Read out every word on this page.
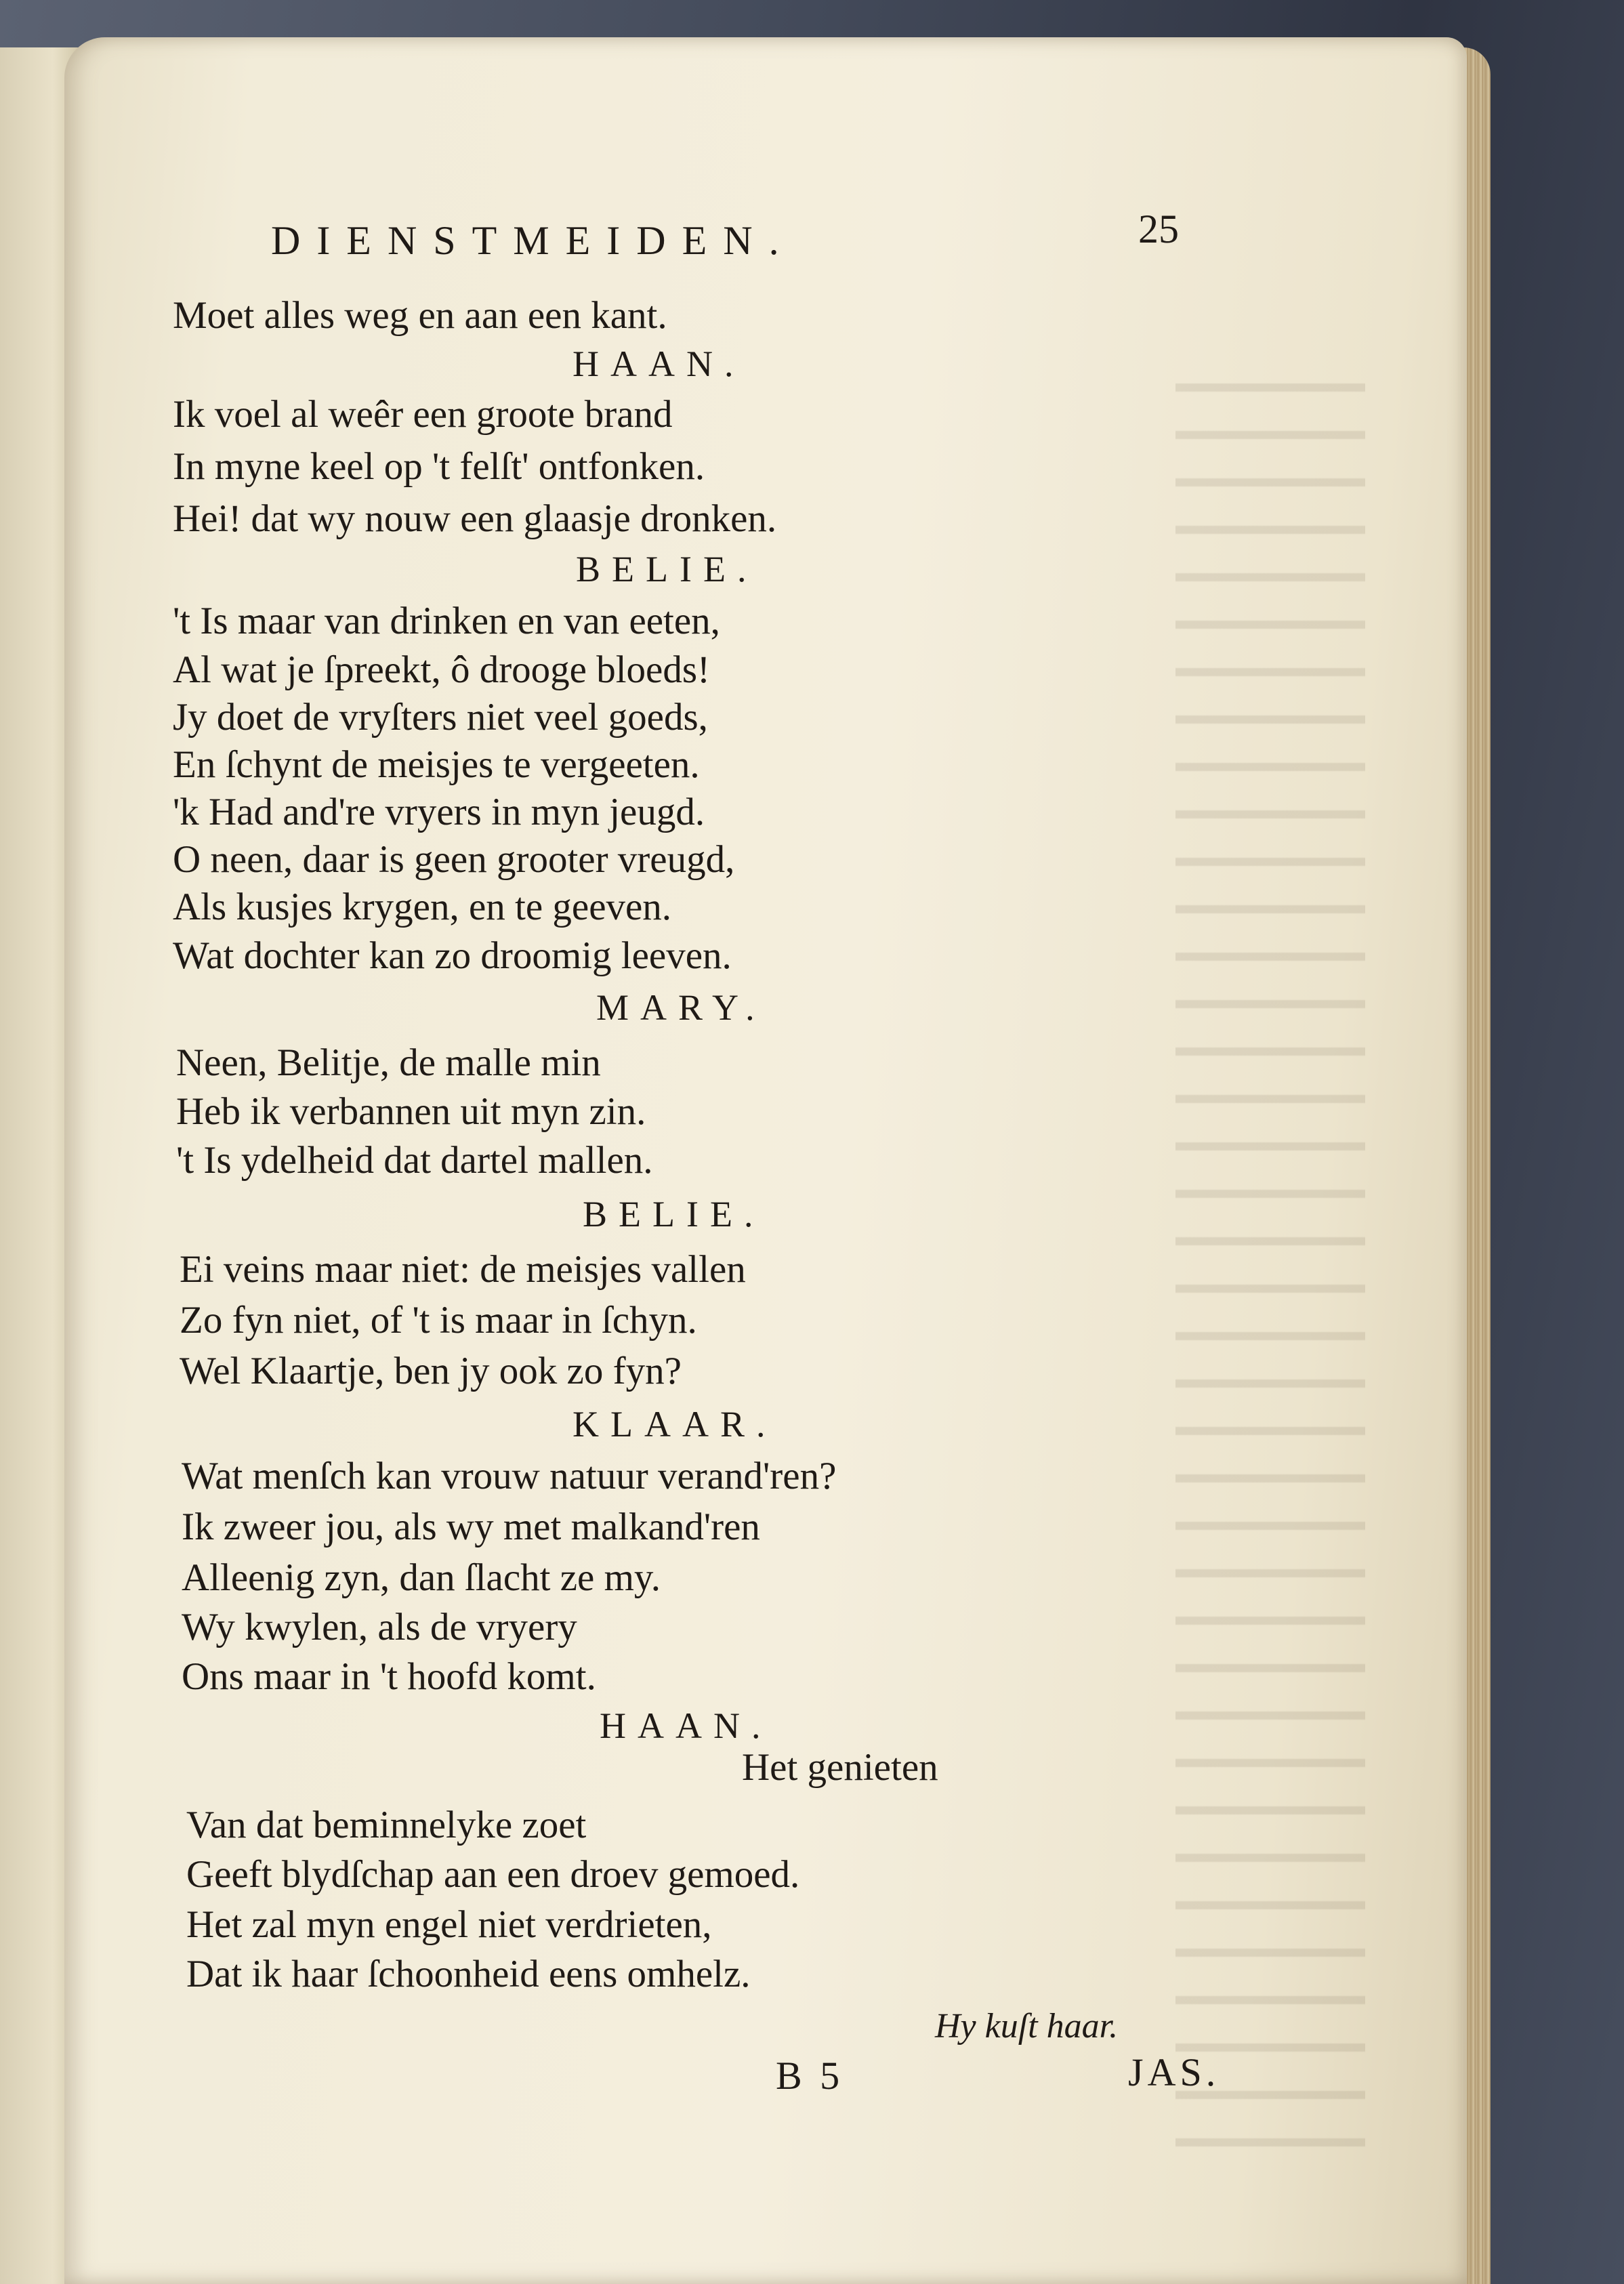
DIENSTMEIDEN.	25
Moet alles weg en aan een kant.
HAAN.
Ik voel al weêr een groote brand
In myne keel op 't felſt' ontfonken.
Hei! dat wy nouw een glaasje dronken.
BELIE.
't Is maar van drinken en van eeten,
Al wat je ſpreekt, ô drooge bloeds!
Jy doet de vryſters niet veel goeds,
En ſchynt de meisjes te vergeeten.
'k Had and're vryers in myn jeugd.
O neen, daar is geen grooter vreugd,
Als kusjes krygen, en te geeven.
Wat dochter kan zo droomig leeven.
MARY.
Neen, Belitje, de malle min
Heb ik verbannen uit myn zin.
't Is ydelheid dat dartel mallen.
BELIE.
Ei veins maar niet: de meisjes vallen
Zo fyn niet, of 't is maar in ſchyn.
Wel Klaartje, ben jy ook zo fyn?
KLAAR.
Wat menſch kan vrouw natuur verand'ren?
Ik zweer jou, als wy met malkand'ren
Alleenig zyn, dan ſlacht ze my.
Wy kwylen, als de vryery
Ons maar in 't hoofd komt.
HAAN.
Het genieten
Van dat beminnelyke zoet
Geeft blydſchap aan een droev gemoed.
Het zal myn engel niet verdrieten,
Dat ik haar ſchoonheid eens omhelz.
Hy kuſt haar.
B 5	JAS.
